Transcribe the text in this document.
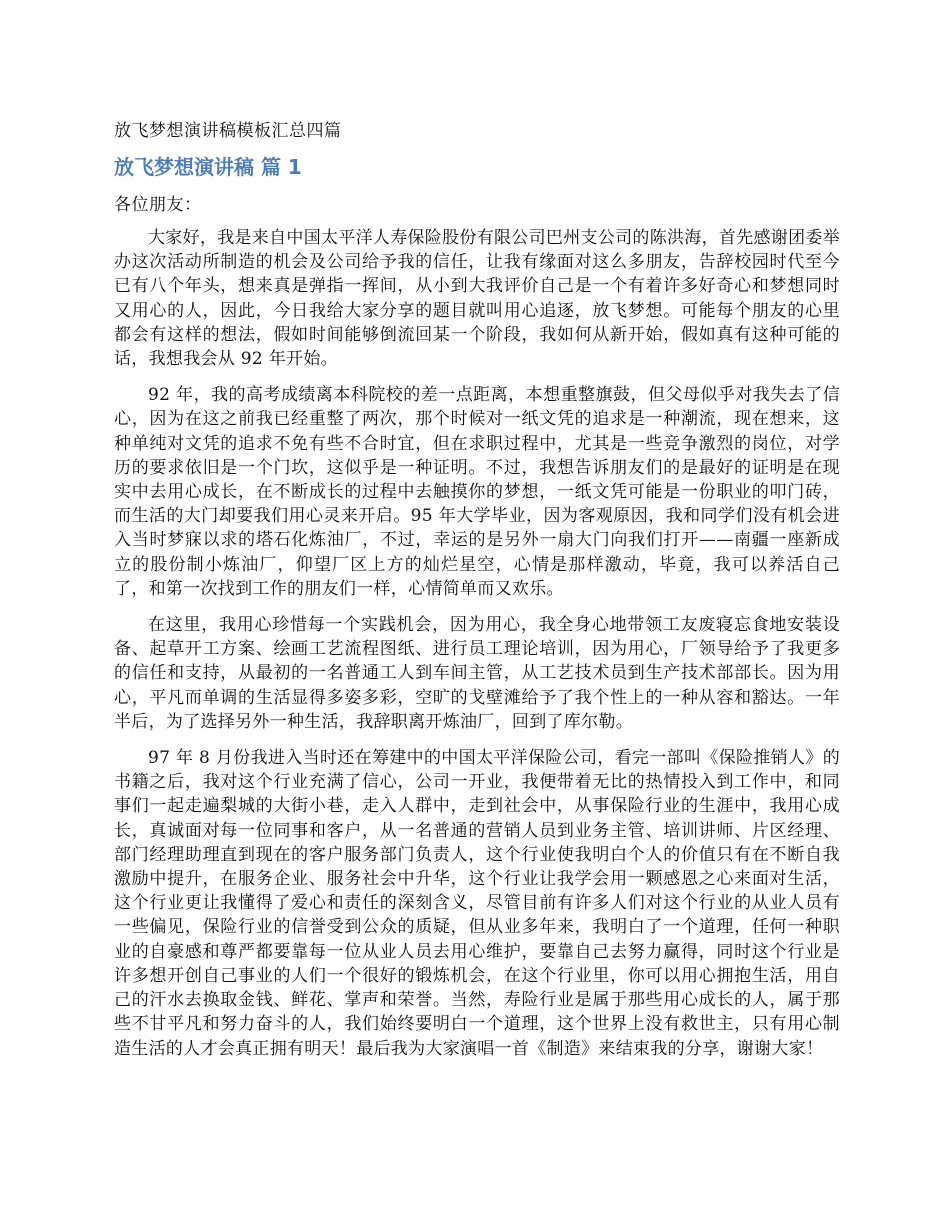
放飞梦想演讲稿模板汇总四篇
放飞梦想演讲稿 篇 1
各位朋友：

大家好，我是来自中国太平洋人寿保险股份有限公司巴州支公司的陈洪海，首先感谢团委举办这次活动所制造的机会及公司给予我的信任，让我有缘面对这么多朋友，告辞校园时代至今已有八个年头，想来真是弹指一挥间，从小到大我评价自己是一个有着许多好奇心和梦想同时又用心的人，因此，今日我给大家分享的题目就叫用心追逐，放飞梦想。可能每个朋友的心里都会有这样的想法，假如时间能够倒流回某一个阶段，我如何从新开始，假如真有这种可能的话，我想我会从 92 年开始。

92 年，我的高考成绩离本科院校的差一点距离，本想重整旗鼓，但父母似乎对我失去了信心，因为在这之前我已经重整了两次，那个时候对一纸文凭的追求是一种潮流，现在想来，这种单纯对文凭的追求不免有些不合时宜，但在求职过程中，尤其是一些竞争激烈的岗位，对学历的要求依旧是一个门坎，这似乎是一种证明。不过，我想告诉朋友们的是最好的证明是在现实中去用心成长，在不断成长的过程中去触摸你的梦想，一纸文凭可能是一份职业的叩门砖，而生活的大门却要我们用心灵来开启。95 年大学毕业，因为客观原因，我和同学们没有机会进入当时梦寐以求的塔石化炼油厂，不过，幸运的是另外一扇大门向我们打开——南疆一座新成立的股份制小炼油厂，仰望厂区上方的灿烂星空，心情是那样激动，毕竟，我可以养活自己了，和第一次找到工作的朋友们一样，心情简单而又欢乐。

在这里，我用心珍惜每一个实践机会，因为用心，我全身心地带领工友废寝忘食地安装设备、起草开工方案、绘画工艺流程图纸、进行员工理论培训，因为用心，厂领导给予了我更多的信任和支持，从最初的一名普通工人到车间主管，从工艺技术员到生产技术部部长。因为用心，平凡而单调的生活显得多姿多彩，空旷的戈壁滩给予了我个性上的一种从容和豁达。一年半后，为了选择另外一种生活，我辞职离开炼油厂，回到了库尔勒。

97 年 8 月份我进入当时还在筹建中的中国太平洋保险公司，看完一部叫《保险推销人》的书籍之后，我对这个行业充满了信心，公司一开业，我便带着无比的热情投入到工作中，和同事们一起走遍梨城的大街小巷，走入人群中，走到社会中，从事保险行业的生涯中，我用心成长，真诚面对每一位同事和客户，从一名普通的营销人员到业务主管、培训讲师、片区经理、部门经理助理直到现在的客户服务部门负责人，这个行业使我明白个人的价值只有在不断自我激励中提升，在服务企业、服务社会中升华，这个行业让我学会用一颗感恩之心来面对生活，这个行业更让我懂得了爱心和责任的深刻含义，尽管目前有许多人们对这个行业的从业人员有一些偏见，保险行业的信誉受到公众的质疑，但从业多年来，我明白了一个道理，任何一种职业的自豪感和尊严都要靠每一位从业人员去用心维护，要靠自己去努力赢得，同时这个行业是许多想开创自己事业的人们一个很好的锻炼机会，在这个行业里，你可以用心拥抱生活，用自己的汗水去换取金钱、鲜花、掌声和荣誉。当然，寿险行业是属于那些用心成长的人，属于那些不甘平凡和努力奋斗的人，我们始终要明白一个道理，这个世界上没有救世主，只有用心制造生活的人才会真正拥有明天！最后我为大家演唱一首《制造》来结束我的分享，谢谢大家！
